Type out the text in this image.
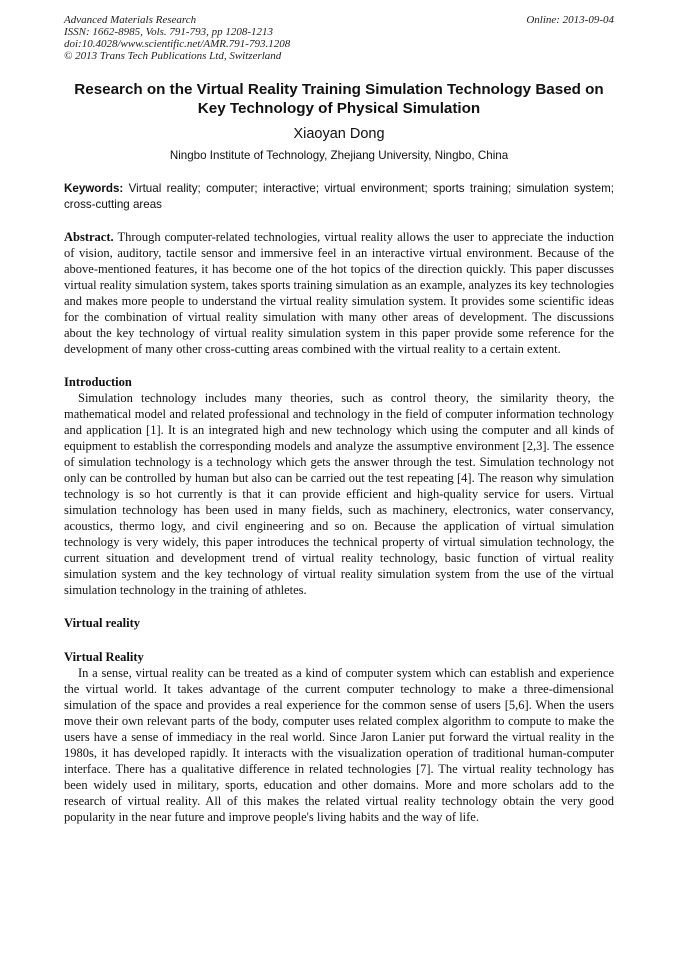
Advanced Materials Research
ISSN: 1662-8985, Vols. 791-793, pp 1208-1213
doi:10.4028/www.scientific.net/AMR.791-793.1208
© 2013 Trans Tech Publications Ltd, Switzerland
Online: 2013-09-04
Research on the Virtual Reality Training Simulation Technology Based on Key Technology of Physical Simulation
Xiaoyan Dong
Ningbo Institute of Technology, Zhejiang University, Ningbo, China
Keywords: Virtual reality; computer; interactive; virtual environment; sports training; simulation system; cross-cutting areas
Abstract. Through computer-related technologies, virtual reality allows the user to appreciate the induction of vision, auditory, tactile sensor and immersive feel in an interactive virtual environment. Because of the above-mentioned features, it has become one of the hot topics of the direction quickly. This paper discusses virtual reality simulation system, takes sports training simulation as an example, analyzes its key technologies and makes more people to understand the virtual reality simulation system. It provides some scientific ideas for the combination of virtual reality simulation with many other areas of development. The discussions about the key technology of virtual reality simulation system in this paper provide some reference for the development of many other cross-cutting areas combined with the virtual reality to a certain extent.
Introduction
Simulation technology includes many theories, such as control theory, the similarity theory, the mathematical model and related professional and technology in the field of computer information technology and application [1]. It is an integrated high and new technology which using the computer and all kinds of equipment to establish the corresponding models and analyze the assumptive environment [2,3]. The essence of simulation technology is a technology which gets the answer through the test. Simulation technology not only can be controlled by human but also can be carried out the test repeating [4]. The reason why simulation technology is so hot currently is that it can provide efficient and high-quality service for users. Virtual simulation technology has been used in many fields, such as machinery, electronics, water conservancy, acoustics, thermo logy, and civil engineering and so on. Because the application of virtual simulation technology is very widely, this paper introduces the technical property of virtual simulation technology, the current situation and development trend of virtual reality technology, basic function of virtual reality simulation system and the key technology of virtual reality simulation system from the use of the virtual simulation technology in the training of athletes.
Virtual reality
Virtual Reality
In a sense, virtual reality can be treated as a kind of computer system which can establish and experience the virtual world. It takes advantage of the current computer technology to make a three-dimensional simulation of the space and provides a real experience for the common sense of users [5,6]. When the users move their own relevant parts of the body, computer uses related complex algorithm to compute to make the users have a sense of immediacy in the real world. Since Jaron Lanier put forward the virtual reality in the 1980s, it has developed rapidly. It interacts with the visualization operation of traditional human-computer interface. There has a qualitative difference in related technologies [7]. The virtual reality technology has been widely used in military, sports, education and other domains. More and more scholars add to the research of virtual reality. All of this makes the related virtual reality technology obtain the very good popularity in the near future and improve people's living habits and the way of life.
